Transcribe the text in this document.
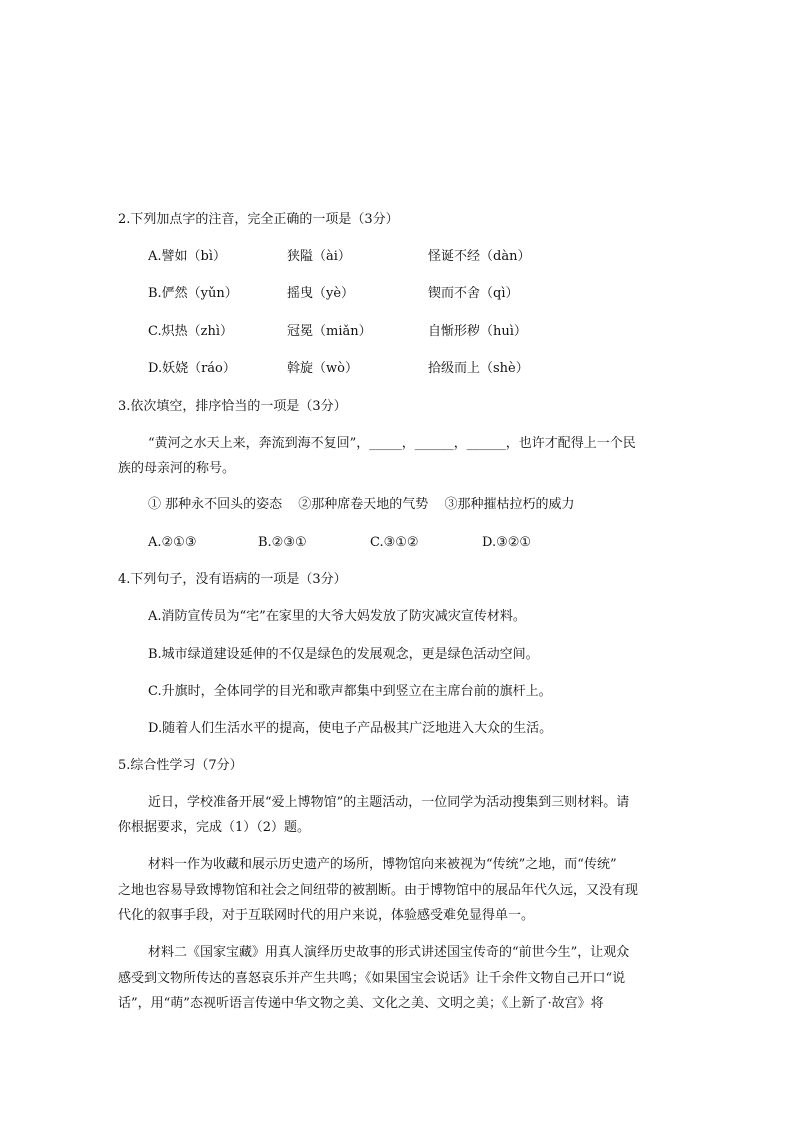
2.下列加点字的注音，完全正确的一项是（3分）
A.譬如（bì）	狭隘（ài）	怪诞不经（dàn）
B.俨然（yǔn）	摇曳（yè）	锲而不舍（qì）
C.炽热（zhì）	冠冕（miǎn）	自惭形秽（huì）
D.妖娆（ráo）	斡旋（wò）	拾级而上（shè）
3.依次填空，排序恰当的一项是（3分）
“黄河之水天上来，奔流到海不复回”，_____，______，______，也许才配得上一个民
族的母亲河的称号。
① 那种永不回头的姿态 ②那种席卷天地的气势 ③那种摧枯拉朽的威力
A.②①③	B.②③①	C.③①②	D.③②①
4.下列句子，没有语病的一项是（3分）
A.消防宣传员为“宅”在家里的大爷大妈发放了防灾减灾宣传材料。
B.城市绿道建设延伸的不仅是绿色的发展观念，更是绿色活动空间。
C.升旗时，全体同学的目光和歌声都集中到竖立在主席台前的旗杆上。
D.随着人们生活水平的提高，使电子产品极其广泛地进入大众的生活。
5.综合性学习（7分）
近日，学校准备开展“爱上博物馆”的主题活动，一位同学为活动搜集到三则材料。请
你根据要求，完成（1）（2）题。
材料一作为收藏和展示历史遗产的场所，博物馆向来被视为“传统”之地，而“传统”
之地也容易导致博物馆和社会之间纽带的被割断。由于博物馆中的展品年代久远，又没有现
代化的叙事手段，对于互联网时代的用户来说，体验感受难免显得单一。
材料二《国家宝藏》用真人演绎历史故事的形式讲述国宝传奇的“前世今生”，让观众
感受到文物所传达的喜怒哀乐并产生共鸣；《如果国宝会说话》让千余件文物自己开口“说
话”，用“萌”态视听语言传递中华文物之美、文化之美、文明之美；《上新了·故宫》将
